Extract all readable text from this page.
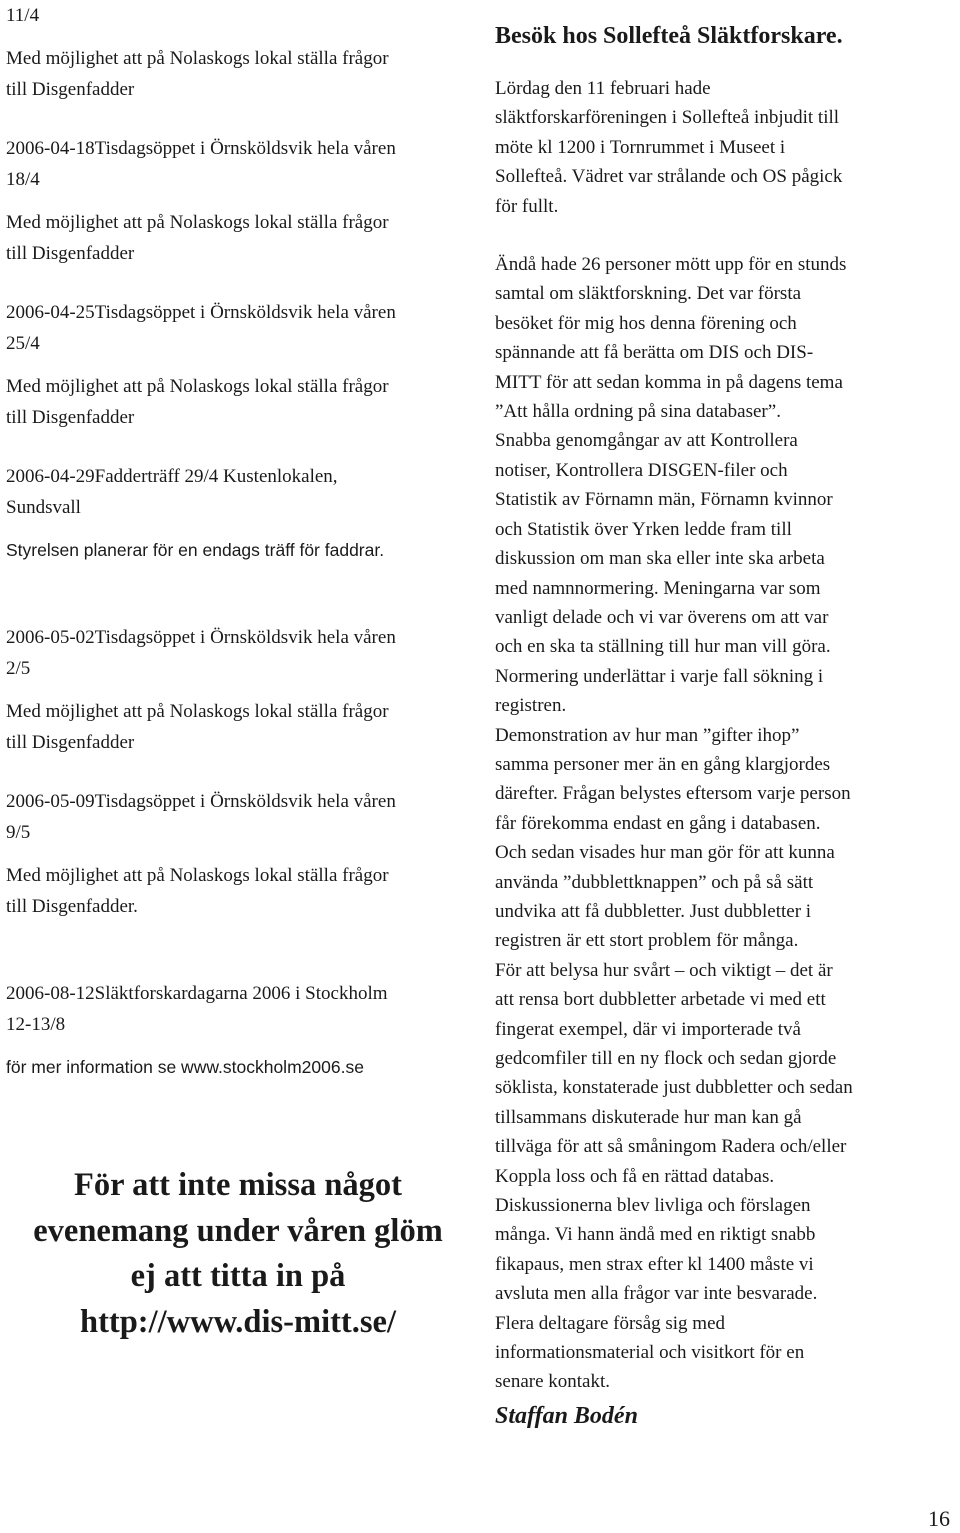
11/4

Med möjlighet att på Nolaskogs lokal ställa frågor

till Disgenfadder

2006-04-18Tisdagsöppet i Örnsköldsvik hela våren

18/4

Med möjlighet att på Nolaskogs lokal ställa frågor

till Disgenfadder

2006-04-25Tisdagsöppet i Örnsköldsvik hela våren

25/4

Med möjlighet att på Nolaskogs lokal ställa frågor

till Disgenfadder

2006-04-29Fadderträff 29/4 Kustenlokalen,

Sundsvall

Styrelsen planerar för en endags träff för faddrar.

2006-05-02Tisdagsöppet i Örnsköldsvik hela våren

2/5

Med möjlighet att på Nolaskogs lokal ställa frågor

till Disgenfadder

2006-05-09Tisdagsöppet i Örnsköldsvik hela våren

9/5

Med möjlighet att på Nolaskogs lokal ställa frågor

till Disgenfadder.

2006-08-12Släktforskardagarna 2006 i Stockholm

12-13/8

för mer information se www.stockholm2006.se

För att inte missa något
evenemang under våren glöm
ej att titta in på
http://www.dis-mitt.se/
Besök hos Sollefteå Släktforskare.

Lördag den 11 februari hade

släktforskarföreningen i Sollefteå inbjudit till

möte kl 1200 i Tornrummet i Museet i

Sollefteå. Vädret var strålande och OS pågick

för fullt.

Ändå hade 26 personer mött upp för en stunds

samtal om släktforskning. Det var första

besöket för mig hos denna förening och

spännande att få berätta om DIS och DIS-

MITT för att sedan komma in på dagens tema

”Att hålla ordning på sina databaser”.

Snabba genomgångar av att Kontrollera

notiser, Kontrollera DISGEN-filer och

Statistik av Förnamn män, Förnamn kvinnor

och Statistik över Yrken ledde fram till

diskussion om man ska eller inte ska arbeta

med namnnormering. Meningarna var som

vanligt delade och vi var överens om att var

och en ska ta ställning till hur man vill göra.

Normering underlättar i varje fall sökning i

registren.

Demonstration av hur man ”gifter ihop”

samma personer mer än en gång klargjordes

därefter. Frågan belystes eftersom varje person

får förekomma endast en gång i databasen.

Och sedan visades hur man gör för att kunna

använda ”dubblettknappen” och på så sätt

undvika att få dubbletter. Just dubbletter i

registren är ett stort problem för många.

För att belysa hur svårt – och viktigt – det är

att rensa bort dubbletter arbetade vi med ett

fingerat exempel, där vi importerade två

gedcomfiler till en ny flock och sedan gjorde

söklista, konstaterade just dubbletter och sedan

tillsammans diskuterade hur man kan gå

tillväga för att så småningom Radera och/eller

Koppla loss och få en rättad databas.

Diskussionerna blev livliga och förslagen

många. Vi hann ändå med en riktigt snabb

fikapaus, men strax efter kl 1400 måste vi

avsluta men alla frågor var inte besvarade.

Flera deltagare försåg sig med

informationsmaterial och visitkort för en

senare kontakt.

Staffan Bodén

16
